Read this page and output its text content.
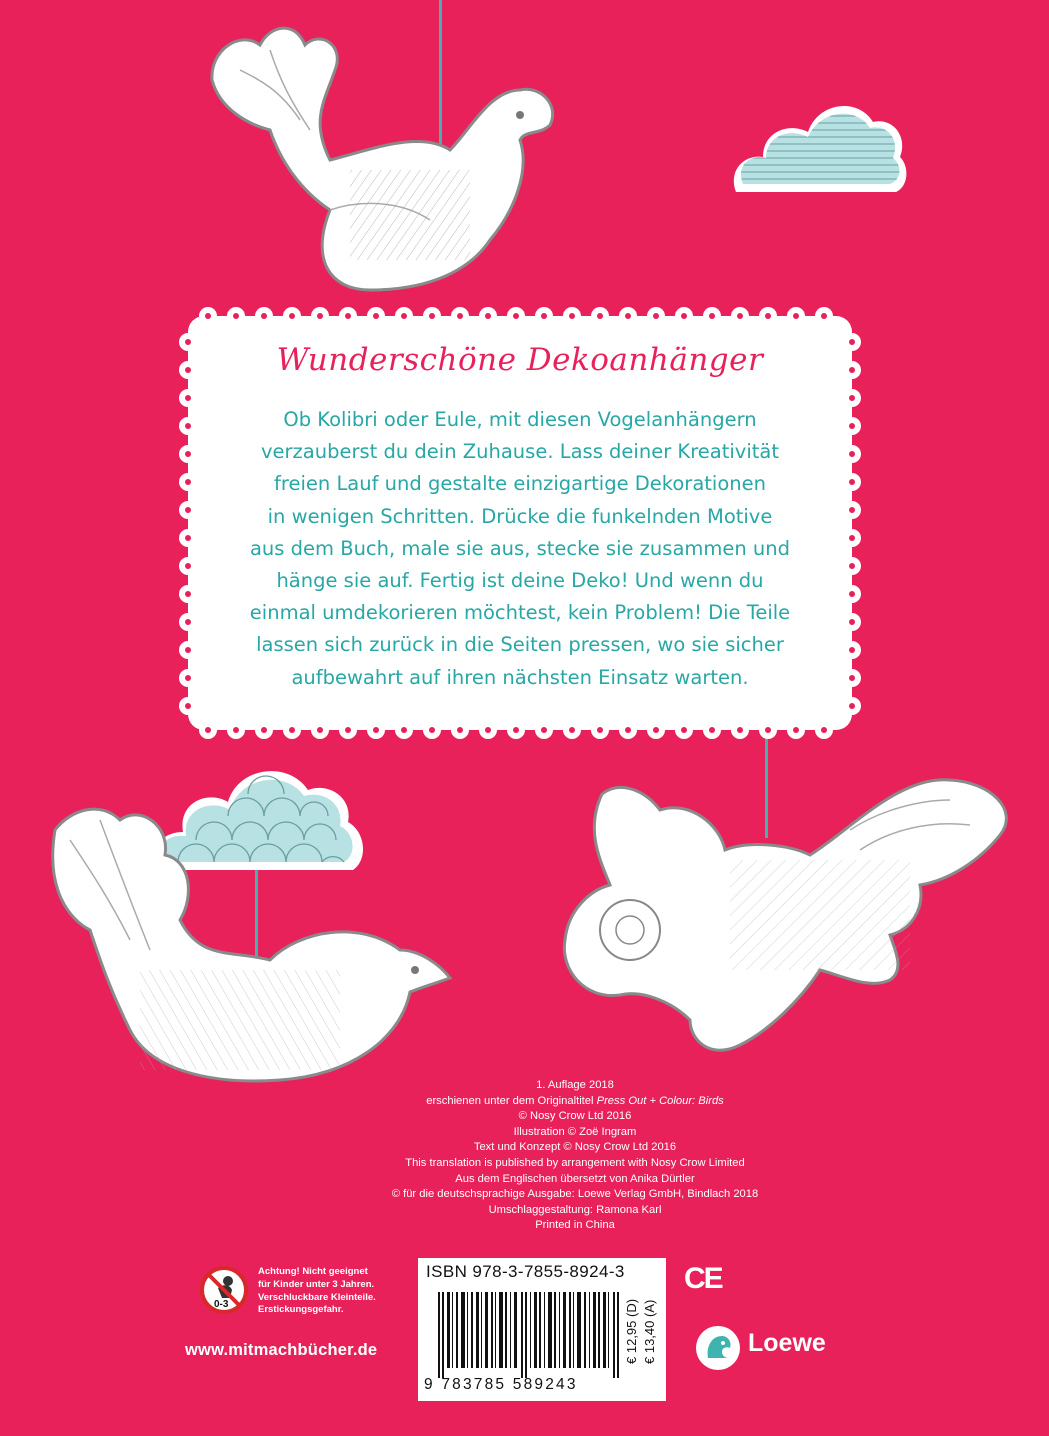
Wunderschöne Dekoanhänger
Ob Kolibri oder Eule, mit diesen Vogelanhängern
verzauberst du dein Zuhause. Lass deiner Kreativität
freien Lauf und gestalte einzigartige Dekorationen
in wenigen Schritten. Drücke die funkelnden Motive
aus dem Buch, male sie aus, stecke sie zusammen und
hänge sie auf. Fertig ist deine Deko! Und wenn du
einmal umdekorieren möchtest, kein Problem! Die Teile
lassen sich zurück in die Seiten pressen, wo sie sicher
aufbewahrt auf ihren nächsten Einsatz warten.
1. Auflage 2018
erschienen unter dem Originaltitel Press Out + Colour: Birds
© Nosy Crow Ltd 2016
Illustration © Zoë Ingram
Text und Konzept © Nosy Crow Ltd 2016
This translation is published by arrangement with Nosy Crow Limited
Aus dem Englischen übersetzt von Anika Dürtler
© für die deutschsprachige Ausgabe: Loewe Verlag GmbH, Bindlach 2018
Umschlaggestaltung: Ramona Karl
Printed in China
0-3
Achtung! Nicht geeignet
für Kinder unter 3 Jahren.
Verschluckbare Kleinteile.
Erstickungsgefahr.
www.mitmachbücher.de
ISBN 978-3-7855-8924-3
9 783785 589243
€ 12,95 (D) € 13,40 (A)
CE
Loewe
